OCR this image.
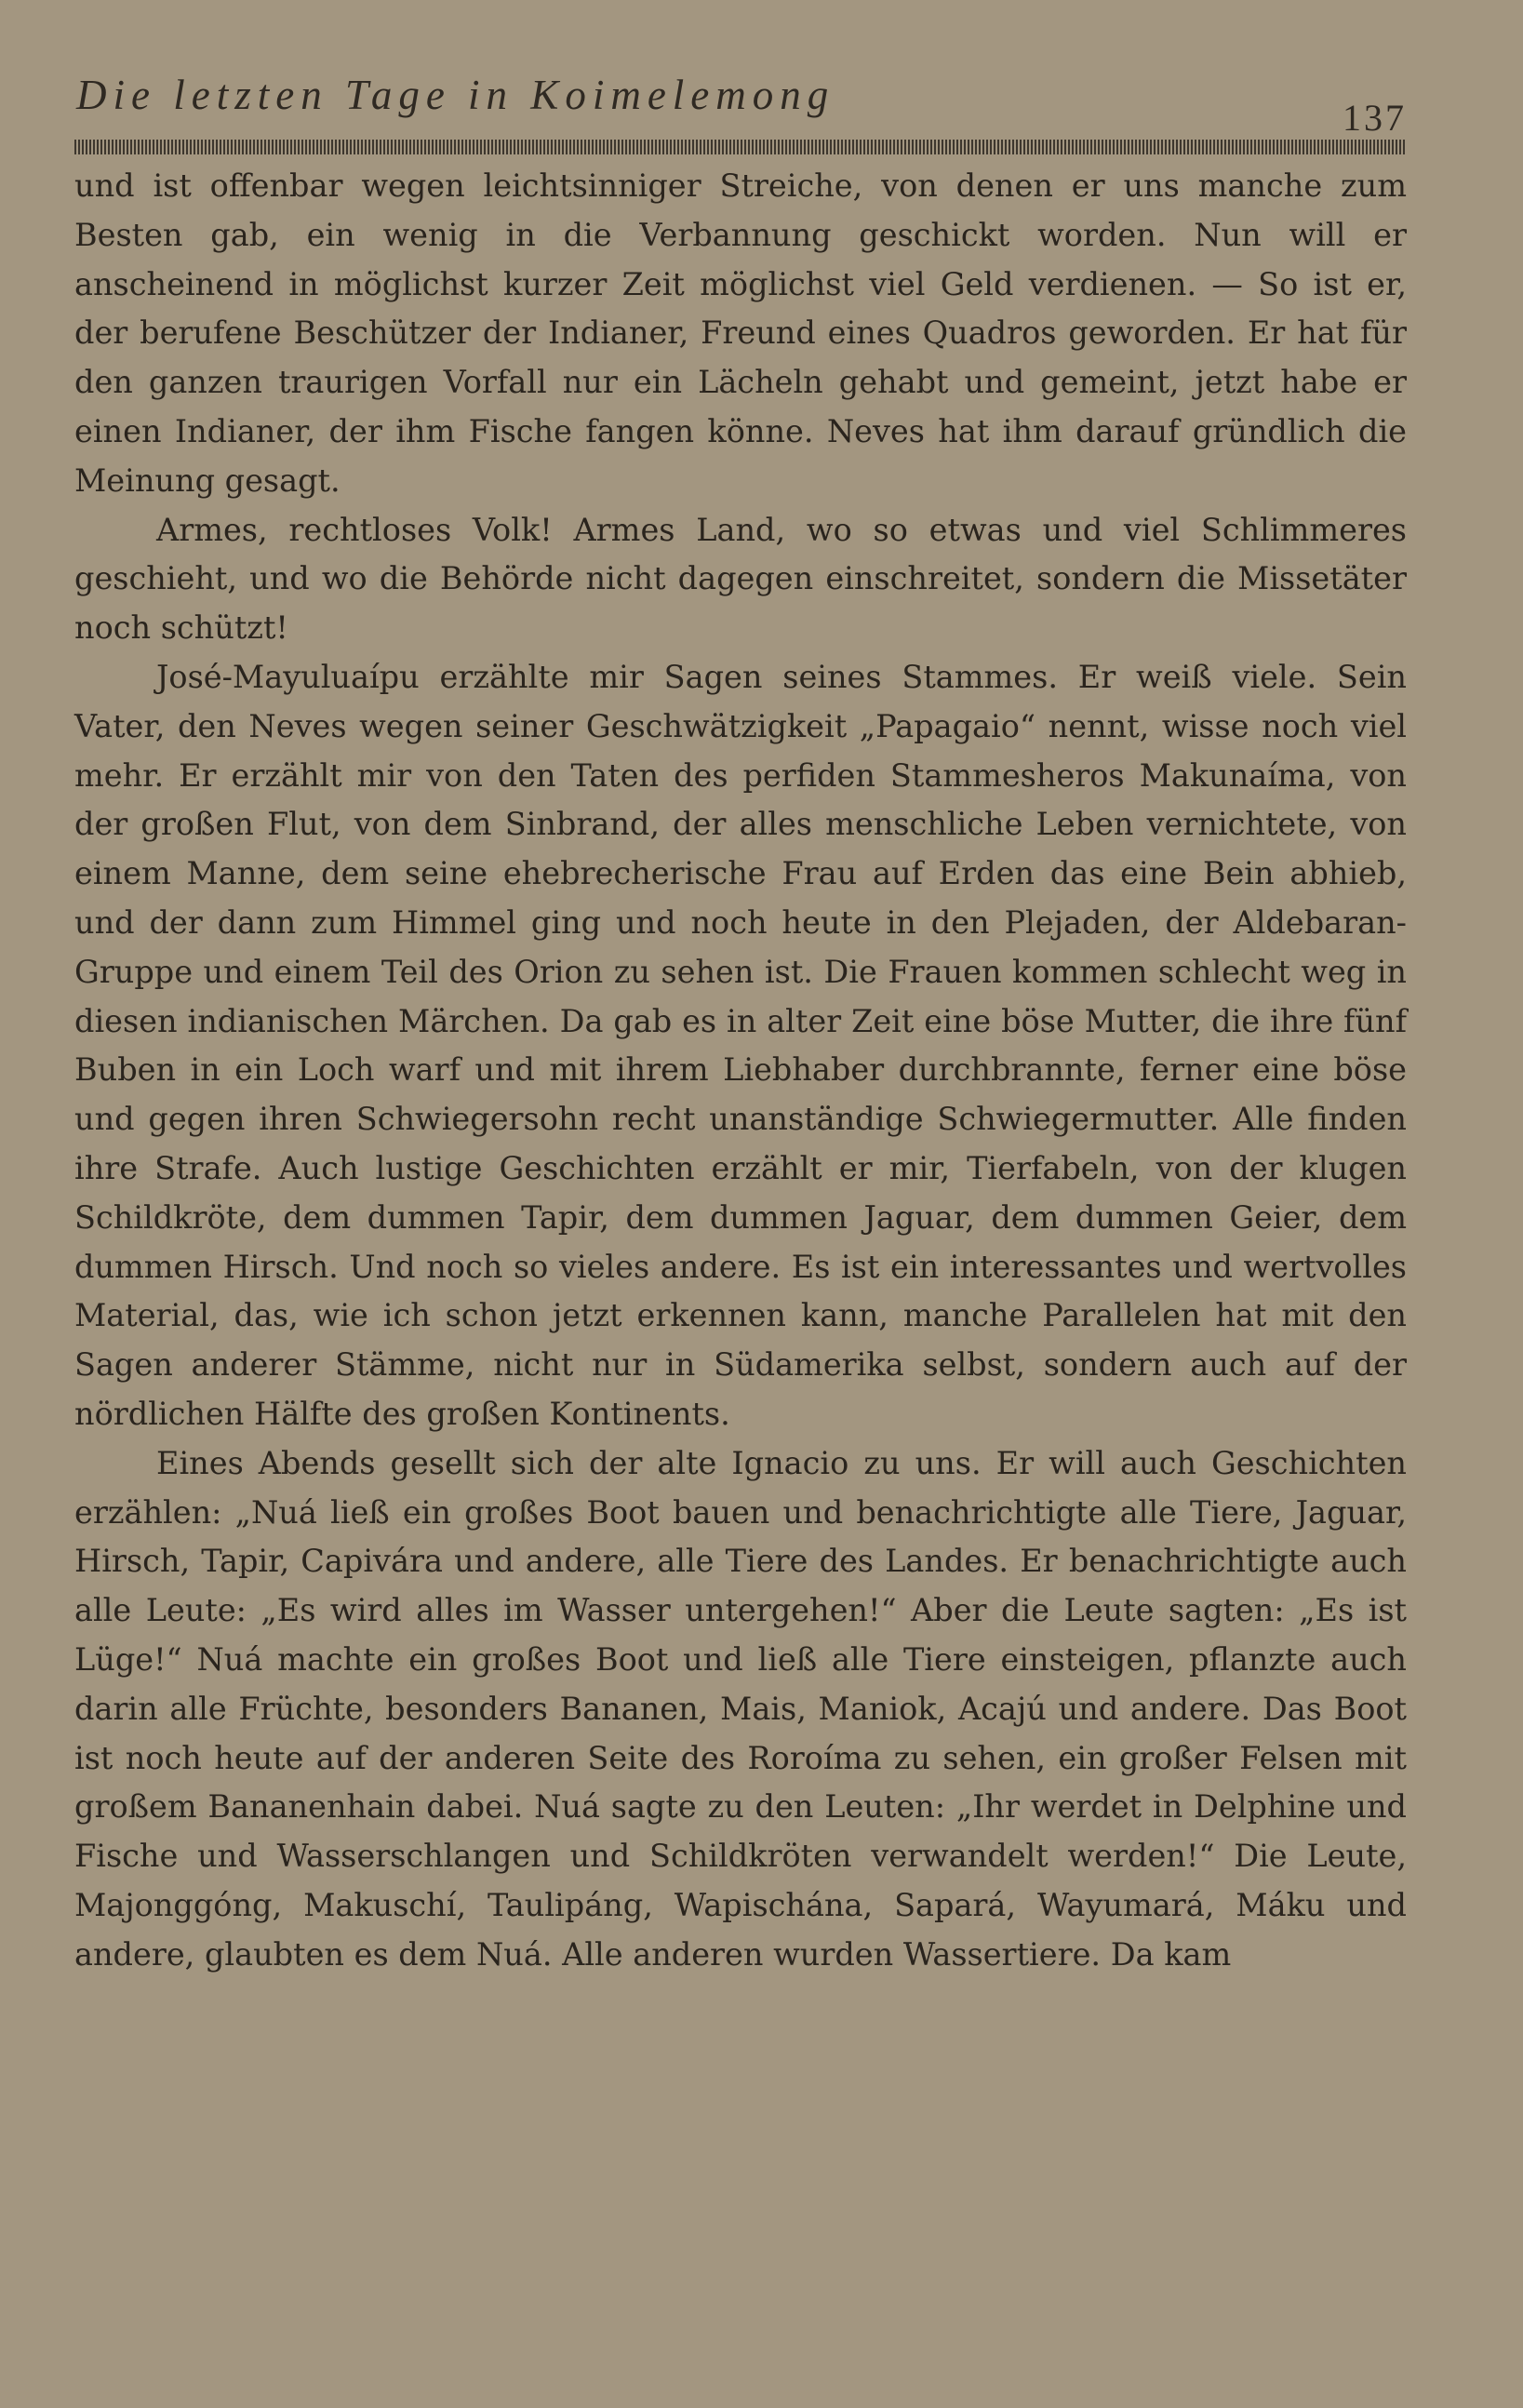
Die letzten Tage in Koimelemong	137

und ist offenbar wegen leichtsinniger Streiche, von denen er uns manche zum Besten gab, ein wenig in die Verbannung geschickt worden. Nun will er anscheinend in möglichst kurzer Zeit möglichst viel Geld verdienen. — So ist er, der berufene Beschützer der Indianer, Freund eines Quadros geworden. Er hat für den ganzen traurigen Vorfall nur ein Lächeln gehabt und gemeint, jetzt habe er einen Indianer, der ihm Fische fangen könne. Neves hat ihm darauf gründlich die Meinung gesagt.

Armes, rechtloses Volk! Armes Land, wo so etwas und viel Schlimmeres geschieht, und wo die Behörde nicht dagegen einschreitet, sondern die Missetäter noch schützt!

José-Mayuluaípu erzählte mir Sagen seines Stammes. Er weiß viele. Sein Vater, den Neves wegen seiner Geschwätzigkeit „Papagaio“ nennt, wisse noch viel mehr. Er erzählt mir von den Taten des perfiden Stammesheros Makunaíma, von der großen Flut, von dem Sinbrand, der alles menschliche Leben vernichtete, von einem Manne, dem seine ehebrecherische Frau auf Erden das eine Bein abhieb, und der dann zum Himmel ging und noch heute in den Plejaden, der Aldebaran-Gruppe und einem Teil des Orion zu sehen ist. Die Frauen kommen schlecht weg in diesen indianischen Märchen. Da gab es in alter Zeit eine böse Mutter, die ihre fünf Buben in ein Loch warf und mit ihrem Liebhaber durchbrannte, ferner eine böse und gegen ihren Schwiegersohn recht unanständige Schwiegermutter. Alle finden ihre Strafe. Auch lustige Geschichten erzählt er mir, Tierfabeln, von der klugen Schildkröte, dem dummen Tapir, dem dummen Jaguar, dem dummen Geier, dem dummen Hirsch. Und noch so vieles andere. Es ist ein interessantes und wertvolles Material, das, wie ich schon jetzt erkennen kann, manche Parallelen hat mit den Sagen anderer Stämme, nicht nur in Südamerika selbst, sondern auch auf der nördlichen Hälfte des großen Kontinents.

Eines Abends gesellt sich der alte Ignacio zu uns. Er will auch Geschichten erzählen: „Nuá ließ ein großes Boot bauen und benachrichtigte alle Tiere, Jaguar, Hirsch, Tapir, Capivára und andere, alle Tiere des Landes. Er benachrichtigte auch alle Leute: „Es wird alles im Wasser untergehen!“ Aber die Leute sagten: „Es ist Lüge!“ Nuá machte ein großes Boot und ließ alle Tiere einsteigen, pflanzte auch darin alle Früchte, besonders Bananen, Mais, Maniok, Acajú und andere. Das Boot ist noch heute auf der anderen Seite des Roroíma zu sehen, ein großer Felsen mit großem Bananenhain dabei. Nuá sagte zu den Leuten: „Ihr werdet in Delphine und Fische und Wasserschlangen und Schildkröten verwandelt werden!“ Die Leute, Majonggóng, Makuschí, Taulipáng, Wapischána, Sapará, Wayumará, Máku und andere, glaubten es dem Nuá. Alle anderen wurden Wassertiere. Da kam
